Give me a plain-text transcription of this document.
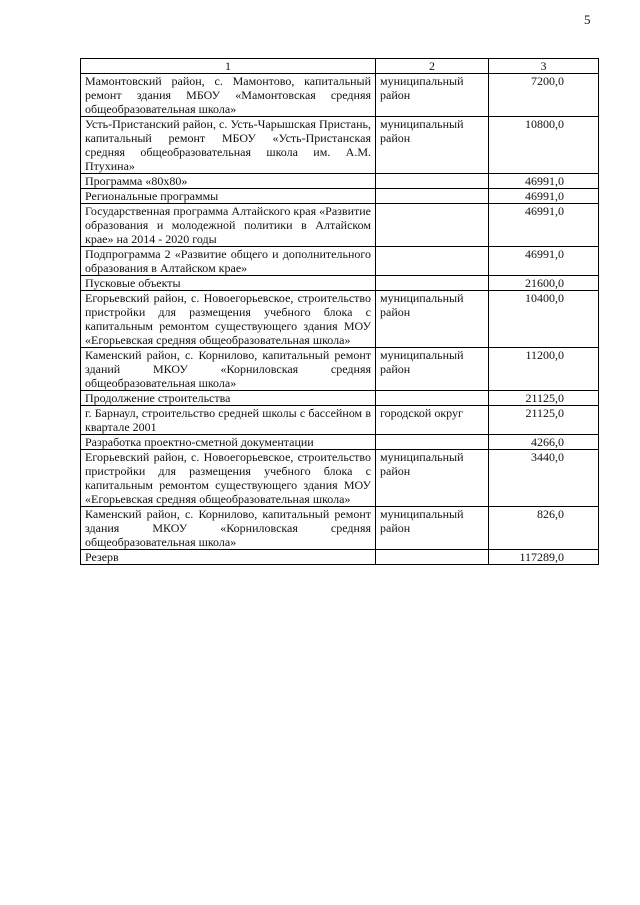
5
1	2	3
Мамонтовский район, с. Мамонтово, капитальный ремонт здания МБОУ «Мамонтовская средняя общеобразовательная школа»	муниципальный район	7200,0
Усть-Пристанский район, с. Усть-Чарышская Пристань, капитальный ремонт МБОУ «Усть-Пристанская средняя общеобразовательная школа им. А.М. Птухина»	муниципальный район	10800,0
Программа «80х80»		46991,0
Региональные программы		46991,0
Государственная программа Алтайского края «Развитие образования и молодежной политики в Алтайском крае» на 2014 - 2020 годы		46991,0
Подпрограмма 2 «Развитие общего и дополнительного образования в Алтайском крае»		46991,0
Пусковые объекты		21600,0
Егорьевский район, с. Новоегорьевское, строительство пристройки для размещения учебного блока с капитальным ремонтом существующего здания МОУ «Егорьевская средняя общеобразовательная школа»	муниципальный район	10400,0
Каменский район, с. Корнилово, капитальный ремонт зданий МКОУ «Корниловская средняя общеобразовательная школа»	муниципальный район	11200,0
Продолжение строительства		21125,0
г. Барнаул, строительство средней школы с бассейном в квартале 2001	городской округ	21125,0
Разработка проектно-сметной документации		4266,0
Егорьевский район, с. Новоегорьевское, строительство пристройки для размещения учебного блока с капитальным ремонтом существующего здания МОУ «Егорьевская средняя общеобразовательная школа»	муниципальный район	3440,0
Каменский район, с. Корнилово, капитальный ремонт здания МКОУ «Корниловская средняя общеобразовательная школа»	муниципальный район	826,0
Резерв		117289,0
